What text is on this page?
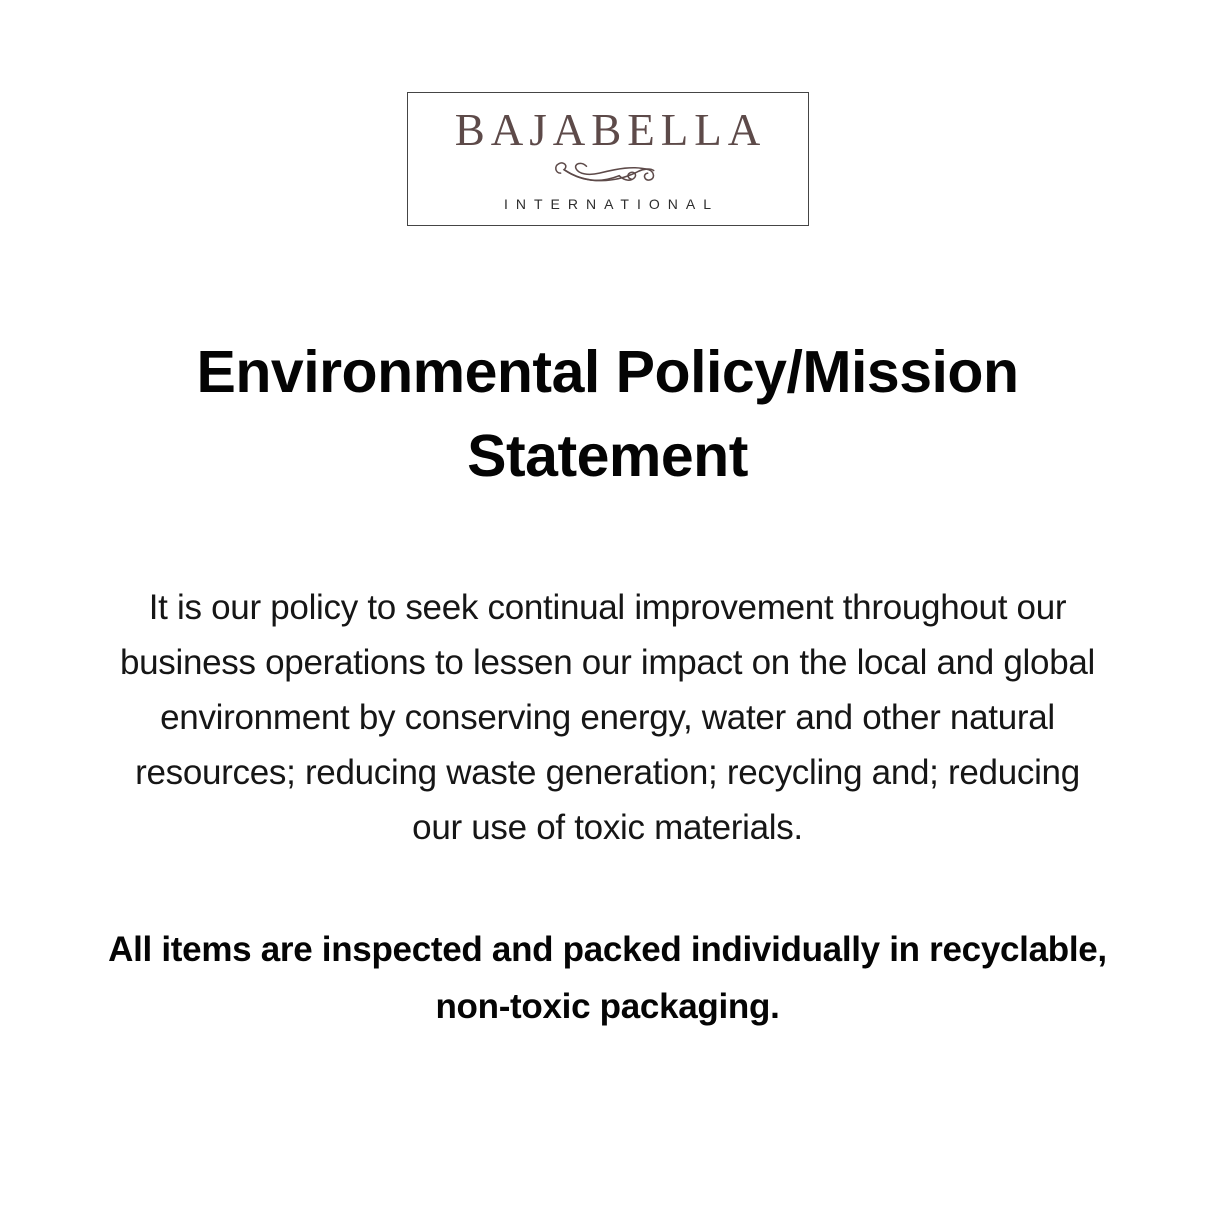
BAJABELLA
INTERNATIONAL
Environmental Policy/Mission Statement

It is our policy to seek continual improvement throughout our business operations to lessen our impact on the local and global environment by conserving energy, water and other natural resources; reducing waste generation; recycling and; reducing our use of toxic materials.

All items are inspected and packed individually in recyclable, non-toxic packaging.
